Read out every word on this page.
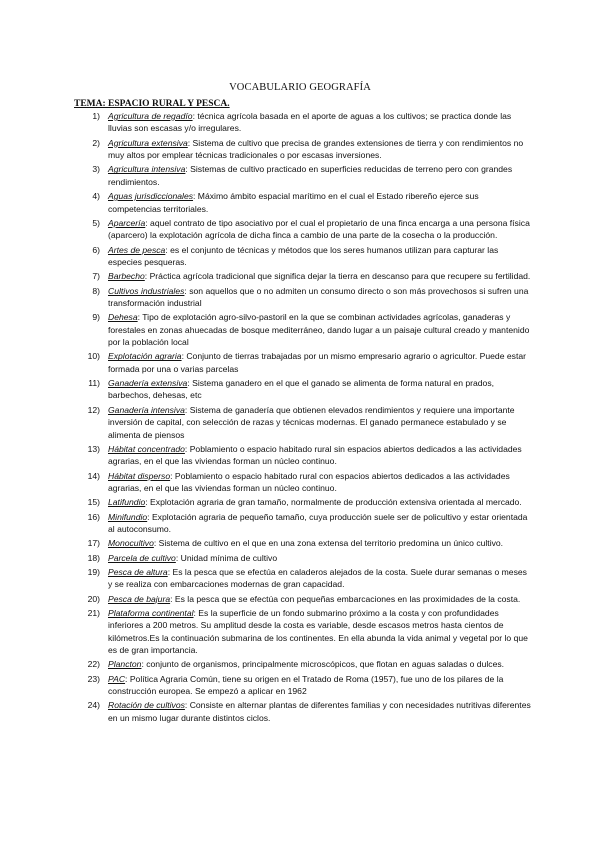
VOCABULARIO GEOGRAFÍA
TEMA: ESPACIO RURAL Y PESCA.
1) Agricultura de regadío: técnica agrícola basada en el aporte de aguas a los cultivos; se practica donde las lluvias son escasas y/o irregulares.
2) Agricultura extensiva: Sistema de cultivo que precisa de grandes extensiones de tierra y con rendimientos no muy altos por emplear técnicas tradicionales o por escasas inversiones.
3) Agricultura intensiva: Sistemas de cultivo practicado en superficies reducidas de terreno pero con grandes rendimientos.
4) Aguas jurisdiccionales: Máximo ámbito espacial marítimo en el cual el Estado ribereño ejerce sus competencias territoriales.
5) Aparcería: aquel contrato de tipo asociativo por el cual el propietario de una finca encarga a una persona física (aparcero) la explotación agrícola de dicha finca a cambio de una parte de la cosecha o la producción.
6) Artes de pesca: es el conjunto de técnicas y métodos que los seres humanos utilizan para capturar las especies pesqueras.
7) Barbecho: Práctica agrícola tradicional que significa dejar la tierra en descanso para que recupere su fertilidad.
8) Cultivos industriales: son aquellos que o no admiten un consumo directo o son más provechosos si sufren una transformación industrial
9) Dehesa: Tipo de explotación agro-silvo-pastoril en la que se combinan actividades agrícolas, ganaderas y forestales en zonas ahuecadas de bosque mediterráneo, dando lugar a un paisaje cultural creado y mantenido por la población local
10) Explotación agraria: Conjunto de tierras trabajadas por un mismo empresario agrario o agricultor. Puede estar formada por una o varias parcelas
11) Ganadería extensiva: Sistema ganadero en el que el ganado se alimenta de forma natural en prados, barbechos, dehesas, etc
12) Ganadería intensiva: Sistema de ganadería que obtienen elevados rendimientos y requiere una importante inversión de capital, con selección de razas y técnicas modernas. El ganado permanece estabulado y se alimenta de piensos
13) Hábitat concentrado: Poblamiento o espacio habitado rural sin espacios abiertos dedicados a las actividades agrarias, en el que las viviendas forman un núcleo continuo.
14) Hábitat disperso: Poblamiento o espacio habitado rural con espacios abiertos dedicados a las actividades agrarias, en el que las viviendas forman un núcleo continuo.
15) Latifundio: Explotación agraria de gran tamaño, normalmente de producción extensiva orientada al mercado.
16) Minifundio: Explotación agraria de pequeño tamaño, cuya producción suele ser de policultivo y estar orientada al autoconsumo.
17) Monocultivo: Sistema de cultivo en el que en una zona extensa del territorio predomina un único cultivo.
18) Parcela de cultivo: Unidad mínima de cultivo
19) Pesca de altura: Es la pesca que se efectúa en caladeros alejados de la costa. Suele durar semanas o meses y se realiza con embarcaciones modernas de gran capacidad.
20) Pesca de bajura: Es la pesca que se efectúa con pequeñas embarcaciones en las proximidades de la costa.
21) Plataforma continental: Es la superficie de un fondo submarino próximo a la costa y con profundidades inferiores a 200 metros. Su amplitud desde la costa es variable, desde escasos metros hasta cientos de kilómetros.Es la continuación submarina de los continentes. En ella abunda la vida animal y vegetal por lo que es de gran importancia.
22) Plancton: conjunto de organismos, principalmente microscópicos, que flotan en aguas saladas o dulces.
23) PAC: Política Agraria Común, tiene su origen en el Tratado de Roma (1957), fue uno de los pilares de la construcción europea. Se empezó a aplicar en 1962
24) Rotación de cultivos: Consiste en alternar plantas de diferentes familias y con necesidades nutritivas diferentes en un mismo lugar durante distintos ciclos.
